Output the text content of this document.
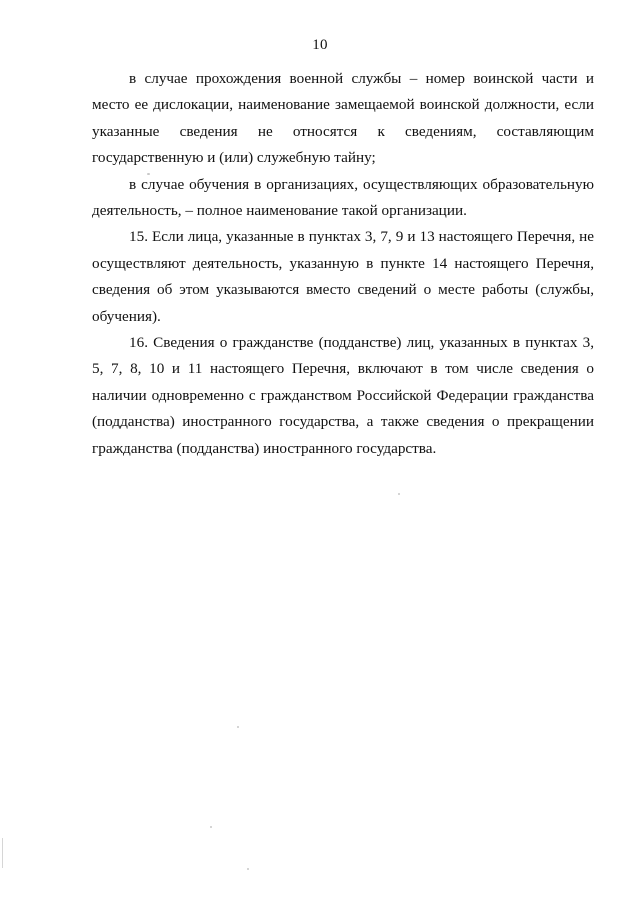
10

в случае прохождения военной службы – номер воинской части и место ее дислокации, наименование замещаемой воинской должности, если указанные сведения не относятся к сведениям, составляющим государственную и (или) служебную тайну;

в случае обучения в организациях, осуществляющих образовательную деятельность, – полное наименование такой организации.

15. Если лица, указанные в пунктах 3, 7, 9 и 13 настоящего Перечня, не осуществляют деятельность, указанную в пункте 14 настоящего Перечня, сведения об этом указываются вместо сведений о месте работы (службы, обучения).

16. Сведения о гражданстве (подданстве) лиц, указанных в пунктах 3, 5, 7, 8, 10 и 11 настоящего Перечня, включают в том числе сведения о наличии одновременно с гражданством Российской Федерации гражданства (подданства) иностранного государства, а также сведения о прекращении гражданства (подданства) иностранного государства.
